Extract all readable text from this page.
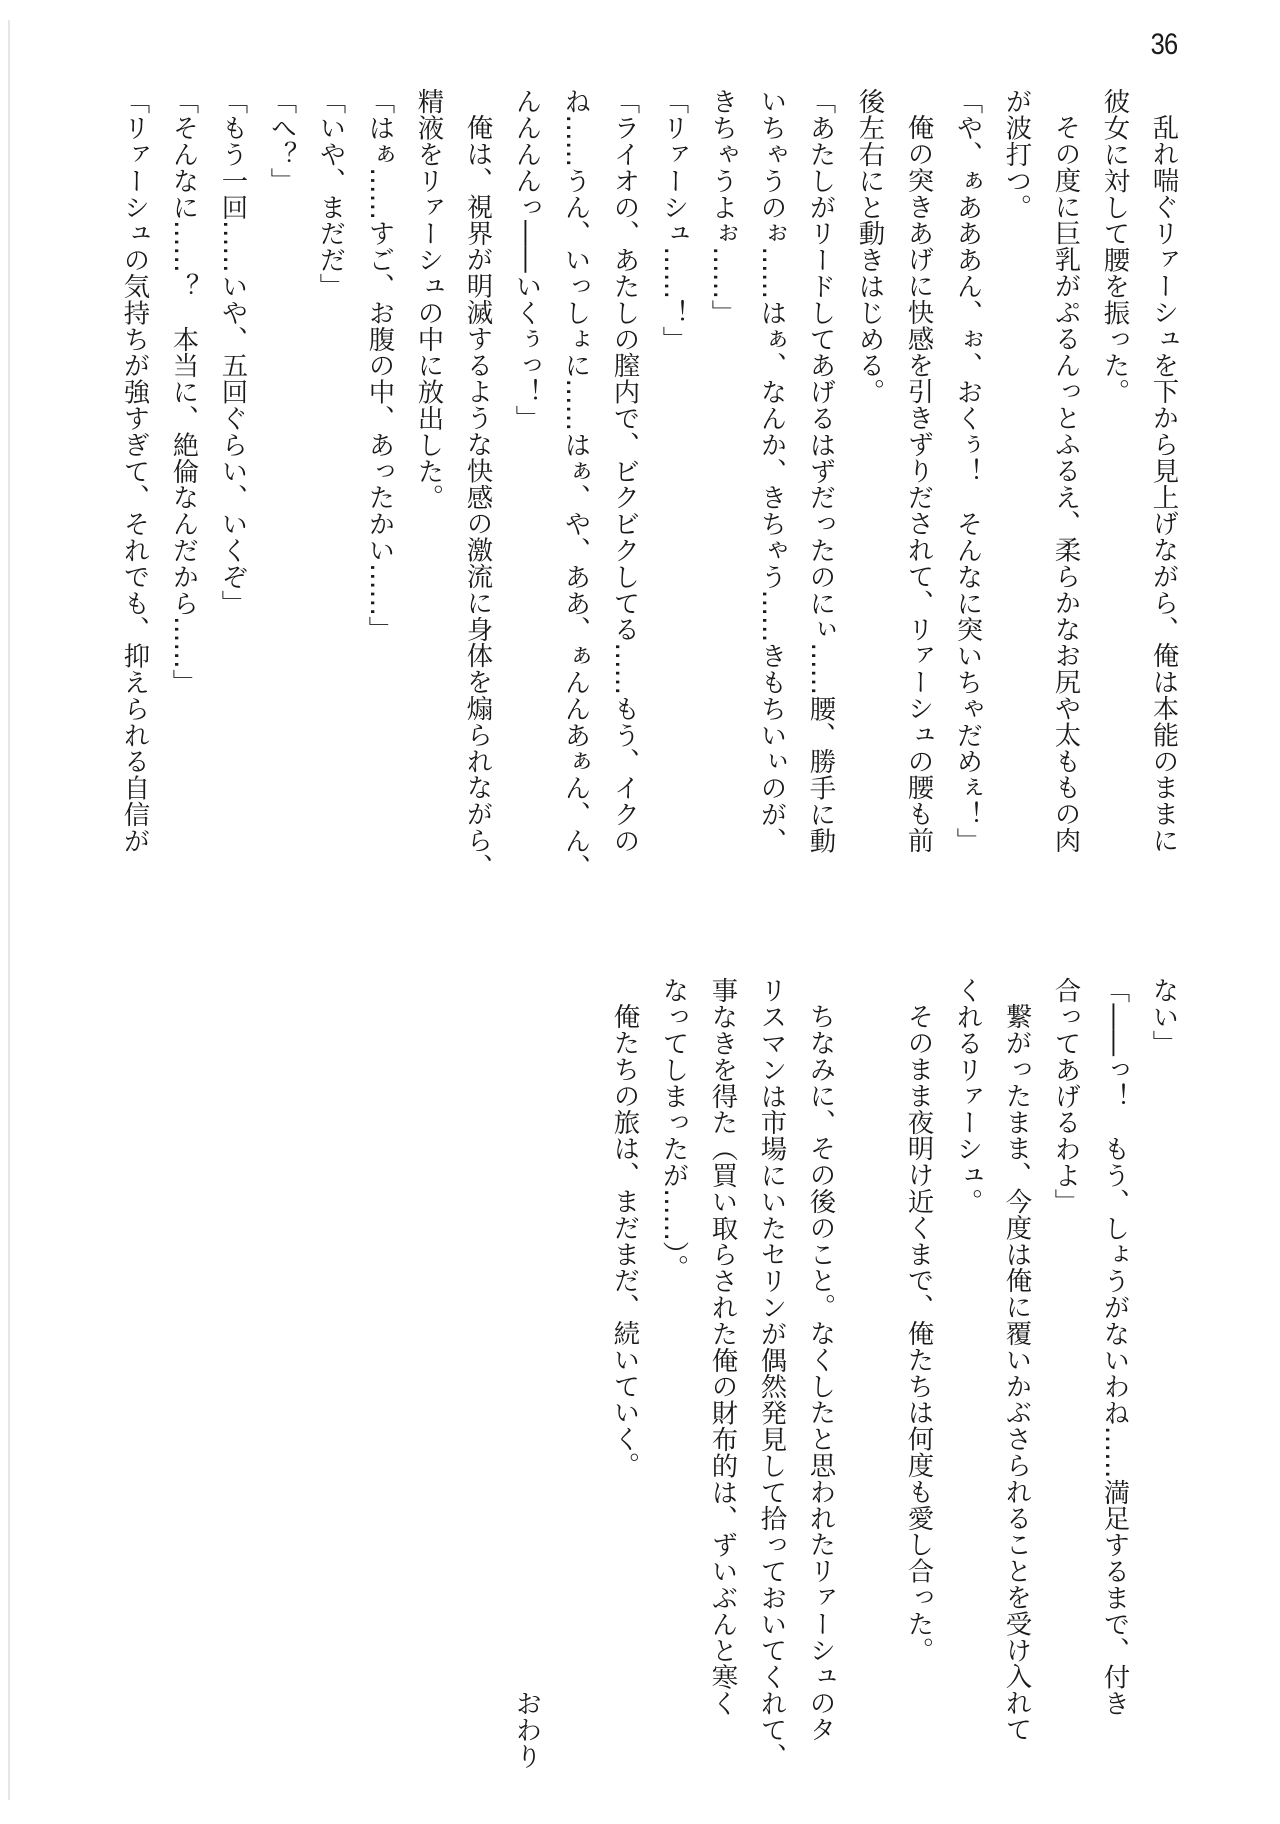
36

乱れ喘ぐリァーシュを下から見上げながら、俺は本能のままに

彼女に対して腰を振った。

その度に巨乳がぷるんっとふるえ、柔らかなお尻や太ももの肉

が波打つ。

「や、ぁあああん、ぉ、おくぅ！　そんなに突いちゃだめぇ！」

俺の突きあげに快感を引きずりだされて、リァーシュの腰も前

後左右にと動きはじめる。

「あたしがリードしてあげるはずだったのにぃ……腰、勝手に動

いちゃうのぉ……はぁ、なんか、きちゃう……きもちいぃのが、

きちゃうよぉ……」

「リァーシュ……！」

「ライオの、あたしの膣内で、ビクビクしてる……もう、イクの

ね……うん、いっしょに……はぁ、や、ああ、ぁんんあぁん、ん、

んんんんっ――いくぅっ！」

俺は、視界が明滅するような快感の激流に身体を煽られながら、

精液をリァーシュの中に放出した。

「はぁ……すご、お腹の中、あったかい……」

「いや、まだだ」

「へ？」

「もう一回……いや、五回ぐらい、いくぞ」

「そんなに……？　本当に、絶倫なんだから……」

「リァーシュの気持ちが強すぎて、それでも、抑えられる自信が

ない」

「――っ！　もう、しょうがないわね……満足するまで、付き

合ってあげるわよ」

繋がったまま、今度は俺に覆いかぶさられることを受け入れて

くれるリァーシュ。

そのまま夜明け近くまで、俺たちは何度も愛し合った。

ちなみに、その後のこと。なくしたと思われたリァーシュのタ

リスマンは市場にいたセリンが偶然発見して拾っておいてくれて、

事なきを得た（買い取らされた俺の財布的は、ずいぶんと寒く

なってしまったが……）。

俺たちの旅は、まだまだ、続いていく。

おわり
